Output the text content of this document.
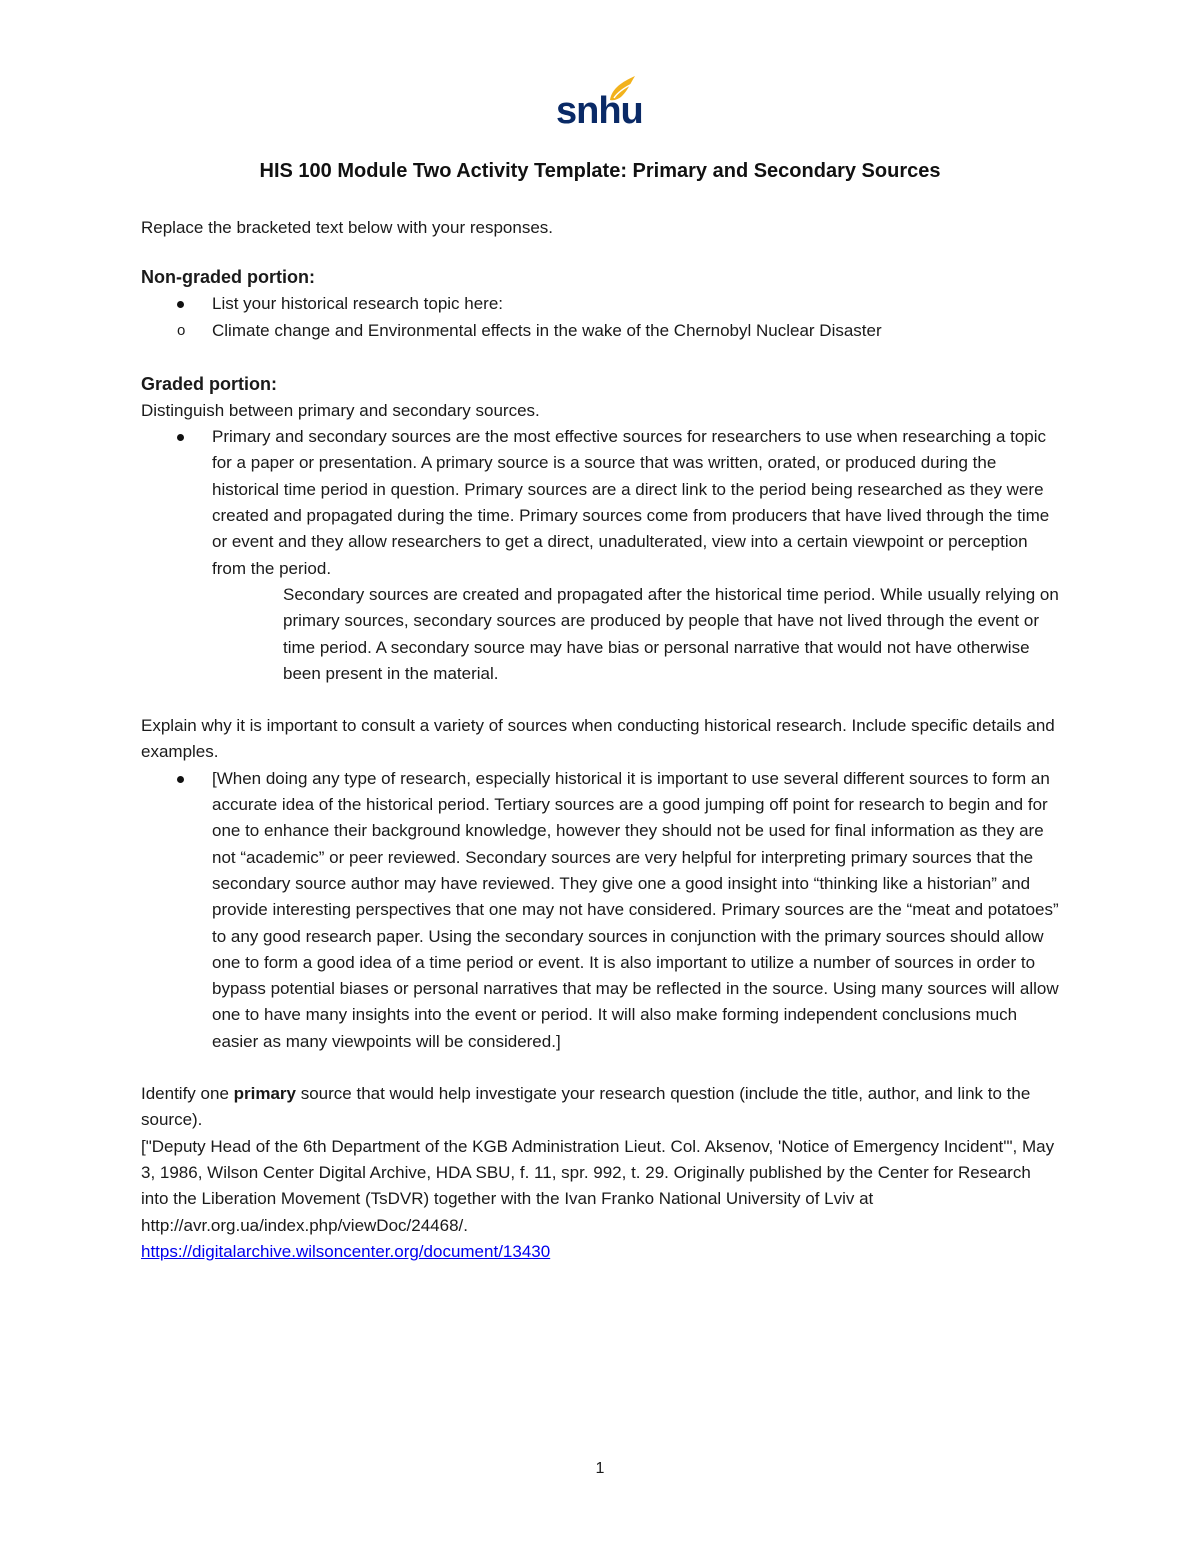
snhu
HIS 100 Module Two Activity Template: Primary and Secondary Sources

Replace the bracketed text below with your responses.

Non-graded portion:
List your historical research topic here:
o Climate change and Environmental effects in the wake of the Chernobyl Nuclear Disaster
Graded portion:

Distinguish between primary and secondary sources.

Primary and secondary sources are the most effective sources for researchers to use when researching a topic for a paper or presentation. A primary source is a source that was written, orated, or produced during the historical time period in question. Primary sources are a direct link to the period being researched as they were created and propagated during the time. Primary sources come from producers that have lived through the time or event and they allow researchers to get a direct, unadulterated, view into a certain viewpoint or perception from the period.

Secondary sources are created and propagated after the historical time period. While usually relying on primary sources, secondary sources are produced by people that have not lived through the event or time period. A secondary source may have bias or personal narrative that would not have otherwise been present in the material.

Explain why it is important to consult a variety of sources when conducting historical research. Include specific details and examples.

[When doing any type of research, especially historical it is important to use several different sources to form an accurate idea of the historical period. Tertiary sources are a good jumping off point for research to begin and for one to enhance their background knowledge, however they should not be used for final information as they are not “academic” or peer reviewed. Secondary sources are very helpful for interpreting primary sources that the secondary source author may have reviewed. They give one a good insight into “thinking like a historian” and provide interesting perspectives that one may not have considered. Primary sources are the “meat and potatoes” to any good research paper. Using the secondary sources in conjunction with the primary sources should allow one to form a good idea of a time period or event. It is also important to utilize a number of sources in order to bypass potential biases or personal narratives that may be reflected in the source. Using many sources will allow one to have many insights into the event or period. It will also make forming independent conclusions much easier as many viewpoints will be considered.]

Identify one primary source that would help investigate your research question (include the title, author, and link to the source).

["Deputy Head of the 6th Department of the KGB Administration Lieut. Col. Aksenov, 'Notice of Emergency Incident'", May 3, 1986, Wilson Center Digital Archive, HDA SBU, f. 11, spr. 992, t. 29. Originally published by the Center for Research into the Liberation Movement (TsDVR) together with the Ivan Franko National University of Lviv at http://avr.org.ua/index.php/viewDoc/24468/.

https://digitalarchive.wilsoncenter.org/document/13430

1
